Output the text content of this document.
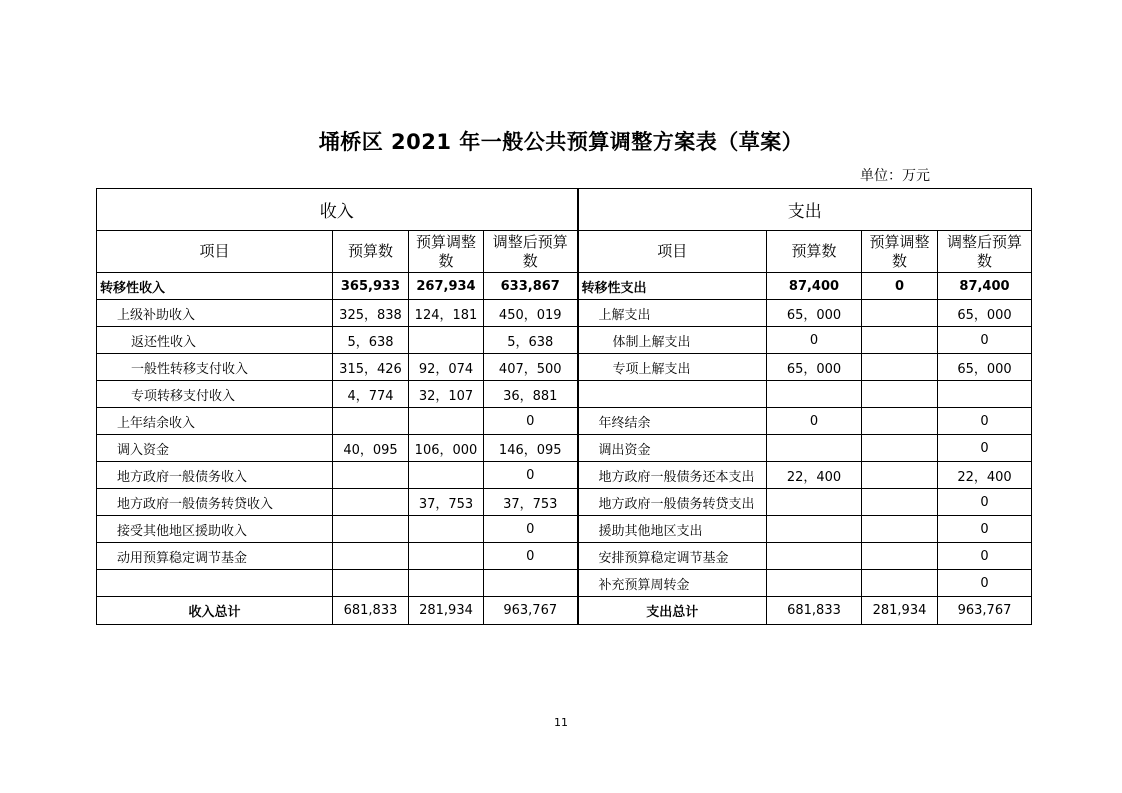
埇桥区 2021 年一般公共预算调整方案表（草案）
单位：万元
收入				支出			
项目	预算数	预算调整数	调整后预算数	项目	预算数	预算调整数	调整后预算数
转移性收入	365,933	267,934	633,867	转移性支出	87,400	0	87,400
上级补助收入	325，838	124，181	450，019	上解支出	65，000		65，000
返还性收入	5，638		5，638	体制上解支出	0		0
一般性转移支付收入	315，426	92，074	407，500	专项上解支出	65，000		65，000
专项转移支付收入	4，774	32，107	36，881				
上年结余收入			0	年终结余	0		0
调入资金	40，095	106，000	146，095	调出资金			0
地方政府一般债务收入			0	地方政府一般债务还本支出	22，400		22，400
地方政府一般债务转贷收入		37，753	37，753	地方政府一般债务转贷支出			0
接受其他地区援助收入			0	援助其他地区支出			0
动用预算稳定调节基金			0	安排预算稳定调节基金			0
				补充预算周转金			0
收入总计	681,833	281,934	963,767	支出总计	681,833	281,934	963,767
11
